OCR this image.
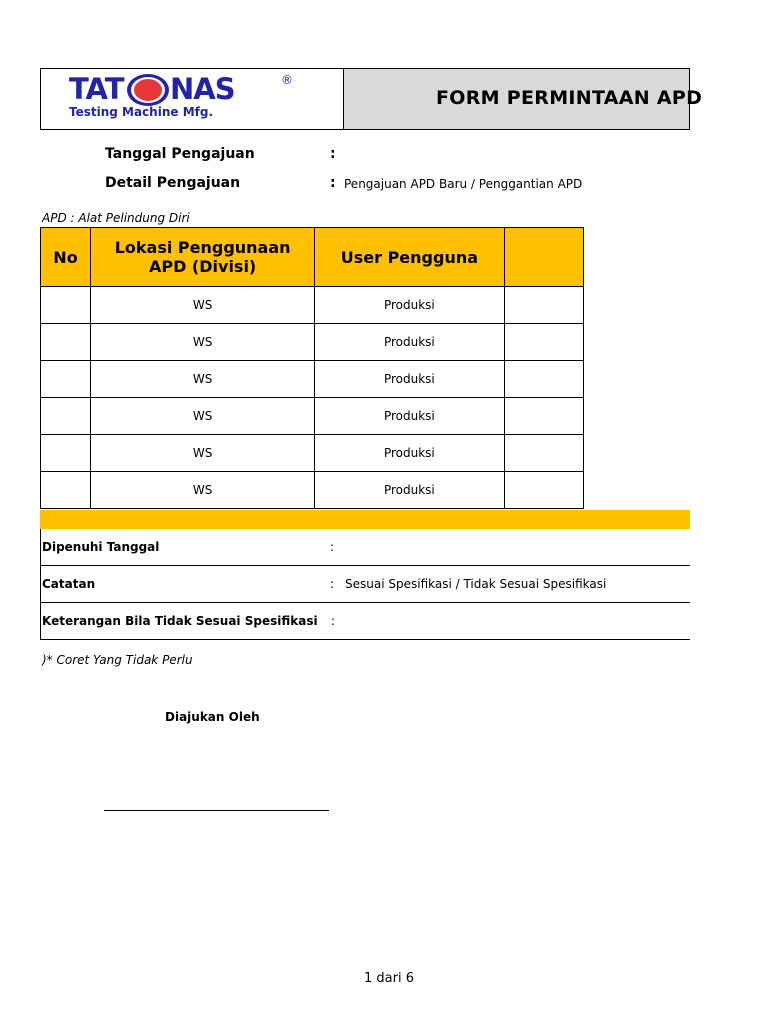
TAT NAS	®
Testing Machine Mfg.
FORM PERMINTAAN APD
Tanggal Pengajuan	:
Detail Pengajuan	: Pengajuan APD Baru / Penggantian APD
APD : Alat Pelindung Diri
No	Lokasi Penggunaan APD (Divisi)	User Pengguna	
	WS	Produksi	
	WS	Produksi	
	WS	Produksi	
	WS	Produksi	
	WS	Produksi	
	WS	Produksi	
Dipenuhi Tanggal	:
Catatan	: Sesuai Spesifikasi / Tidak Sesuai Spesifikasi
Keterangan Bila Tidak Sesuai Spesifikasi :
)* Coret Yang Tidak Perlu
Diajukan Oleh
1 dari 6
